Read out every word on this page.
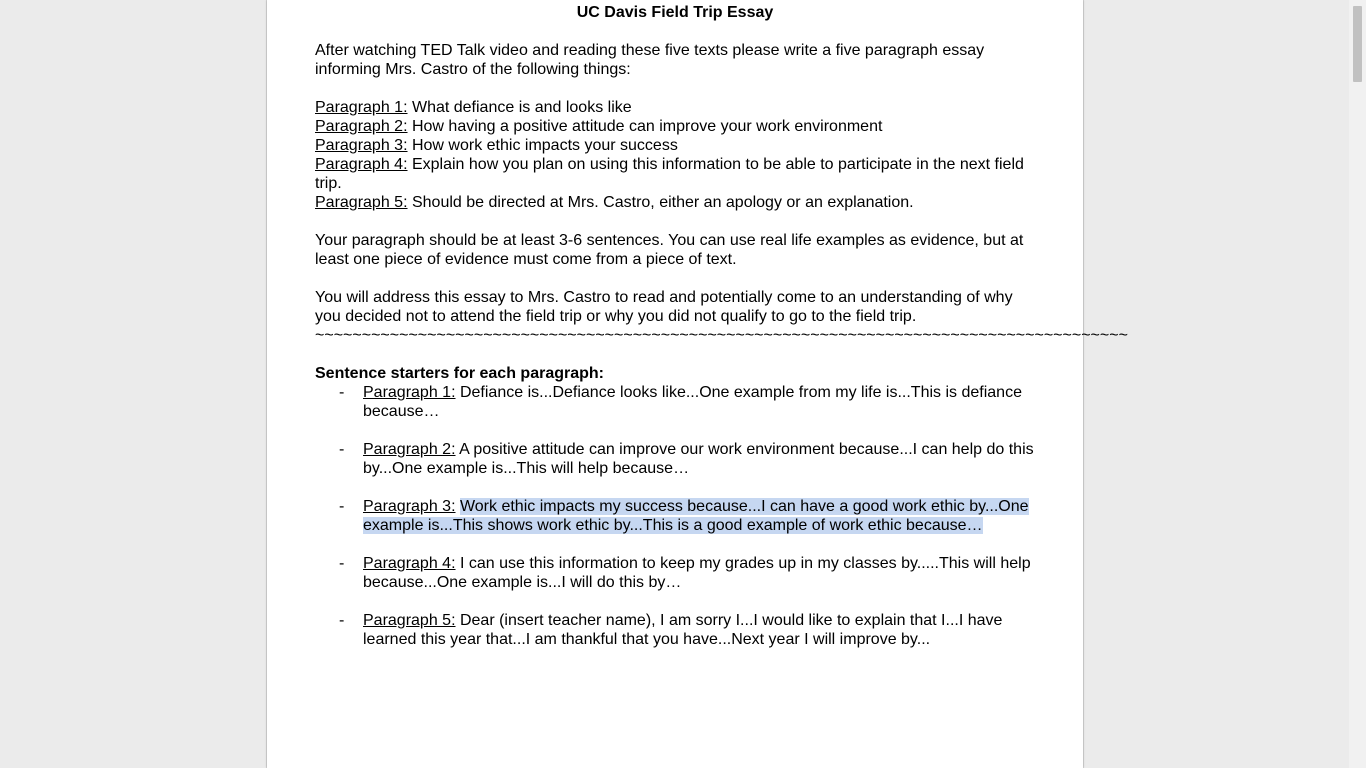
UC Davis Field Trip Essay

After watching TED Talk video and reading these five texts please write a five paragraph essay informing Mrs. Castro of the following things:

Paragraph 1: What defiance is and looks like

Paragraph 2: How having a positive attitude can improve your work environment

Paragraph 3: How work ethic impacts your success

Paragraph 4: Explain how you plan on using this information to be able to participate in the next field trip.

Paragraph 5: Should be directed at Mrs. Castro, either an apology or an explanation.

Your paragraph should be at least 3-6 sentences. You can use real life examples as evidence, but at least one piece of evidence must come from a piece of text.

You will address this essay to Mrs. Castro to read and potentially come to an understanding of why you decided not to attend the field trip or why you did not qualify to go to the field trip.

~~~~~~~~~~~~~~~~~~~~~~~~~~~~~~~~~~~~~~~~~~~~~~~~~~~~~~~~~~~~~~~~~~~~~~~~~~~~~~~~~~~~~~~

Sentence starters for each paragraph:

- Paragraph 1: Defiance is...Defiance looks like...One example from my life is...This is defiance because…
- Paragraph 2: A positive attitude can improve our work environment because...I can help do this by...One example is...This will help because…
- Paragraph 3: Work ethic impacts my success because...I can have a good work ethic by...One example is...This shows work ethic by...This is a good example of work ethic because…
- Paragraph 4: I can use this information to keep my grades up in my classes by.....This will help because...One example is...I will do this by…
- Paragraph 5: Dear (insert teacher name), I am sorry I...I would like to explain that I...I have learned this year that...I am thankful that you have...Next year I will improve by...
